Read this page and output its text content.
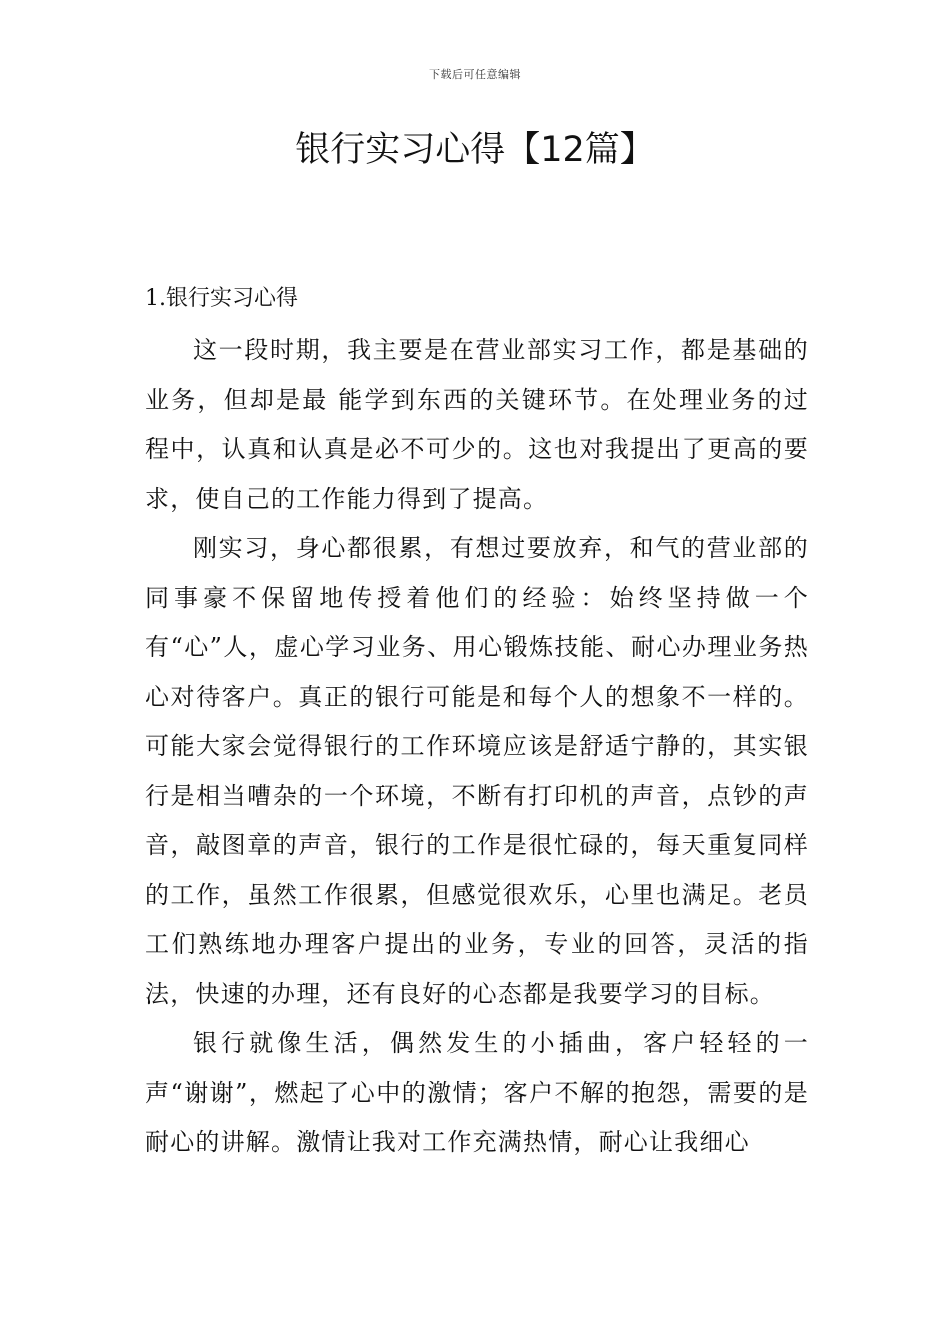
下载后可任意编辑
银行实习心得【12篇】
1.银行实习心得

这一段时期，我主要是在营业部实习工作，都是基础的业务，但却是最 能学到东西的关键环节。在处理业务的过程中，认真和认真是必不可少的。这也对我提出了更高的要求，使自己的工作能力得到了提高。

刚实习，身心都很累，有想过要放弃，和气的营业部的同事豪不保留地传授着他们的经验：始终坚持做一个有“心”人，虚心学习业务、用心锻炼技能、耐心办理业务热心对待客户。真正的银行可能是和每个人的想象不一样的。可能大家会觉得银行的工作环境应该是舒适宁静的，其实银行是相当嘈杂的一个环境，不断有打印机的声音，点钞的声音，敲图章的声音，银行的工作是很忙碌的，每天重复同样的工作，虽然工作很累，但感觉很欢乐，心里也满足。老员工们熟练地办理客户提出的业务，专业的回答，灵活的指法，快速的办理，还有良好的心态都是我要学习的目标。

银行就像生活，偶然发生的小插曲，客户轻轻的一声“谢谢”，燃起了心中的激情；客户不解的抱怨，需要的是耐心的讲解。激情让我对工作充满热情，耐心让我细心
